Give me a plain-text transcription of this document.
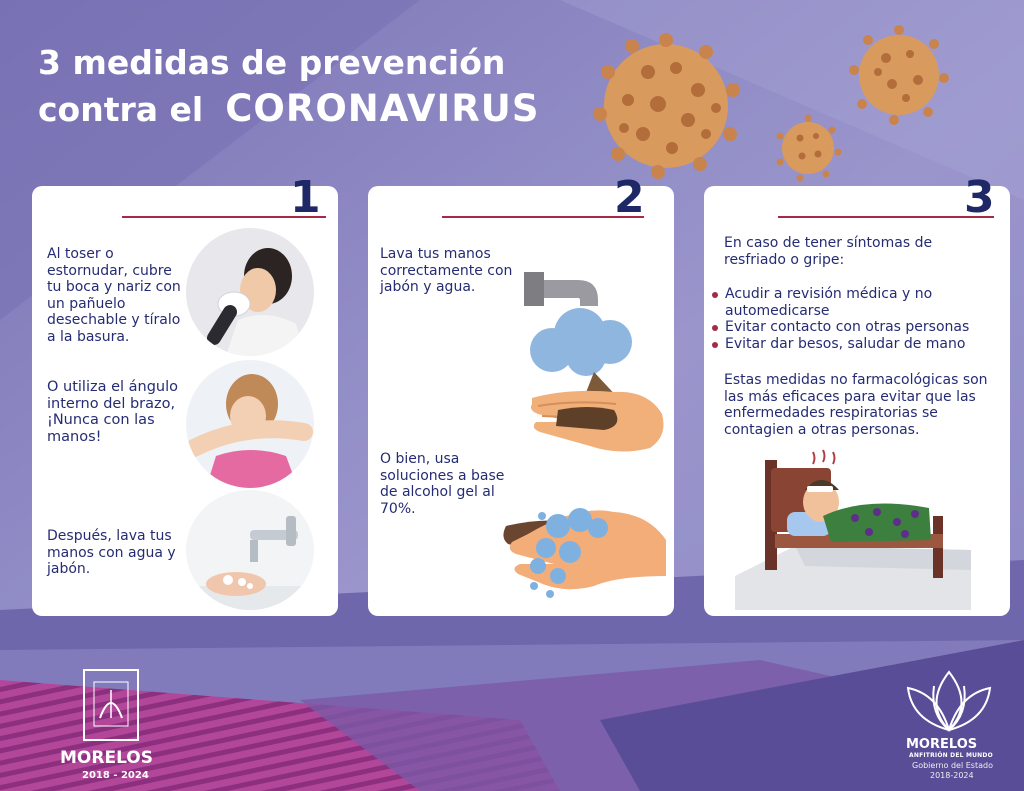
3 medidas de prevención
contra el CORONAVIRUS
1
Al toser o estornudar, cubre tu boca y nariz con un pañuelo desechable y tíralo a la basura.
O utiliza el ángulo interno del brazo, ¡Nunca con las manos!
Después, lava tus manos con agua y jabón.
2
Lava tus manos correctamente con jabón y agua.
O bien, usa soluciones a base de alcohol gel al 70%.
3
En caso de tener síntomas de resfriado o gripe:
Acudir a revisión médica y no automedicarse
Evitar contacto con otras personas
Evitar dar besos, saludar de mano
Estas medidas no farmacológicas son las más eficaces para evitar que las enfermedades respiratorias se contagien a otras personas.
MORELOS
2018 - 2024
MORELOS
ANFITRIÓN DEL MUNDO
Gobierno del Estado
2018-2024
